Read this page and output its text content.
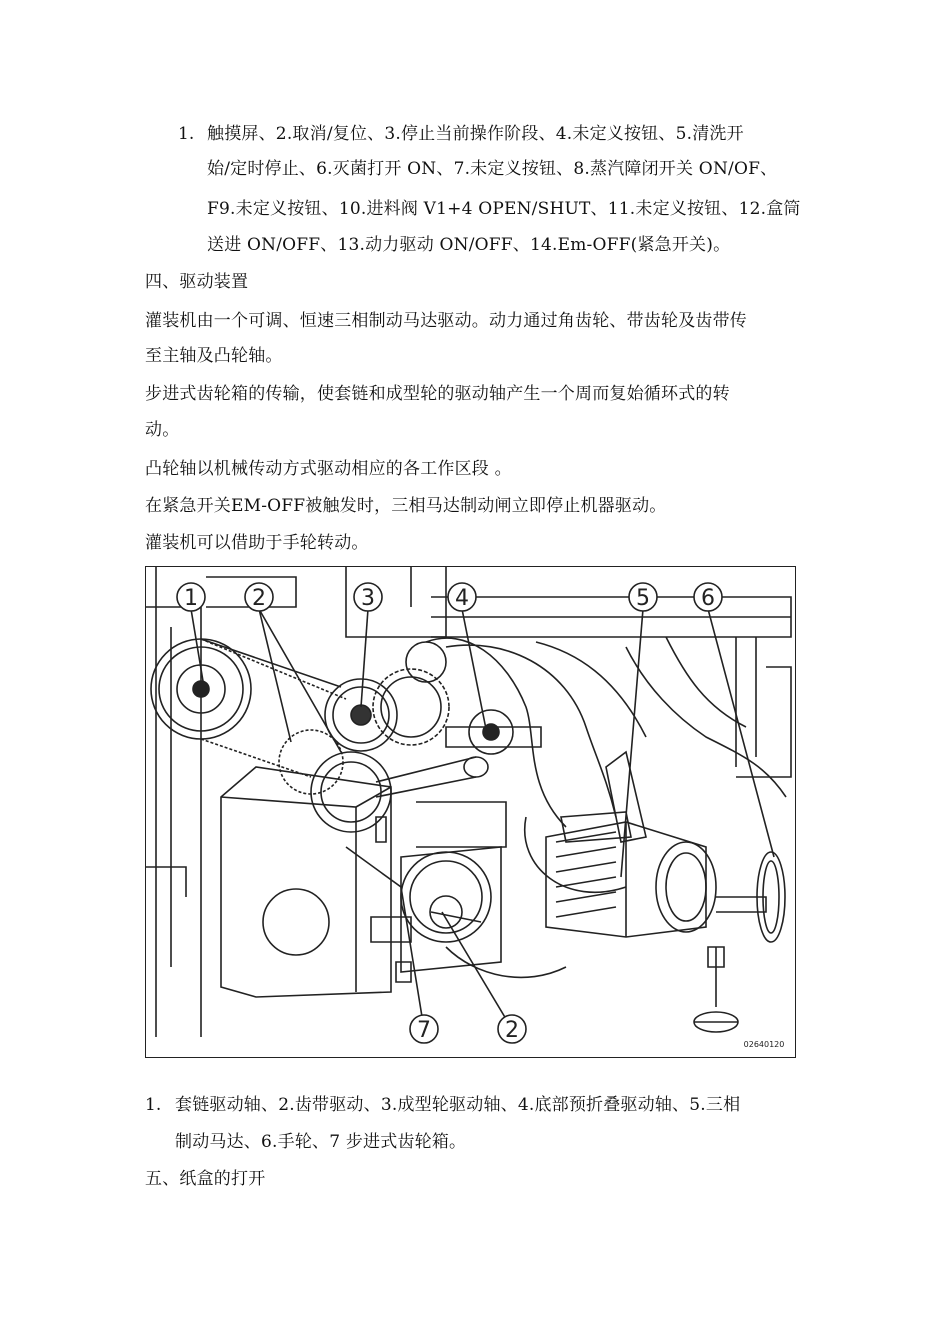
1. 触摸屏、2.取消/复位、3.停止当前操作阶段、4.未定义按钮、5.清洗开
始/定时停止、6.灭菌打开 ON、7.未定义按钮、8.蒸汽障闭开关 ON/OF、
F9.未定义按钮、10.进料阀 V1+4 OPEN/SHUT、11.未定义按钮、12.盒筒
送进 ON/OFF、13.动力驱动 ON/OFF、14.Em-OFF(紧急开关)。
四、驱动装置
灌装机由一个可调、恒速三相制动马达驱动。动力通过角齿轮、带齿轮及齿带传
至主轴及凸轮轴。
步进式齿轮箱的传输，使套链和成型轮的驱动轴产生一个周而复始循环式的转
动。
凸轮轴以机械传动方式驱动相应的各工作区段 。
在紧急开关EM-OFF被触发时，三相马达制动闸立即停止机器驱动。
灌装机可以借助于手轮转动。
1 2	3	4	5 6
7	2
02640120
1. 套链驱动轴、2.齿带驱动、3.成型轮驱动轴、4.底部预折叠驱动轴、5.三相
制动马达、6.手轮、7 步进式齿轮箱。
五、纸盒的打开
